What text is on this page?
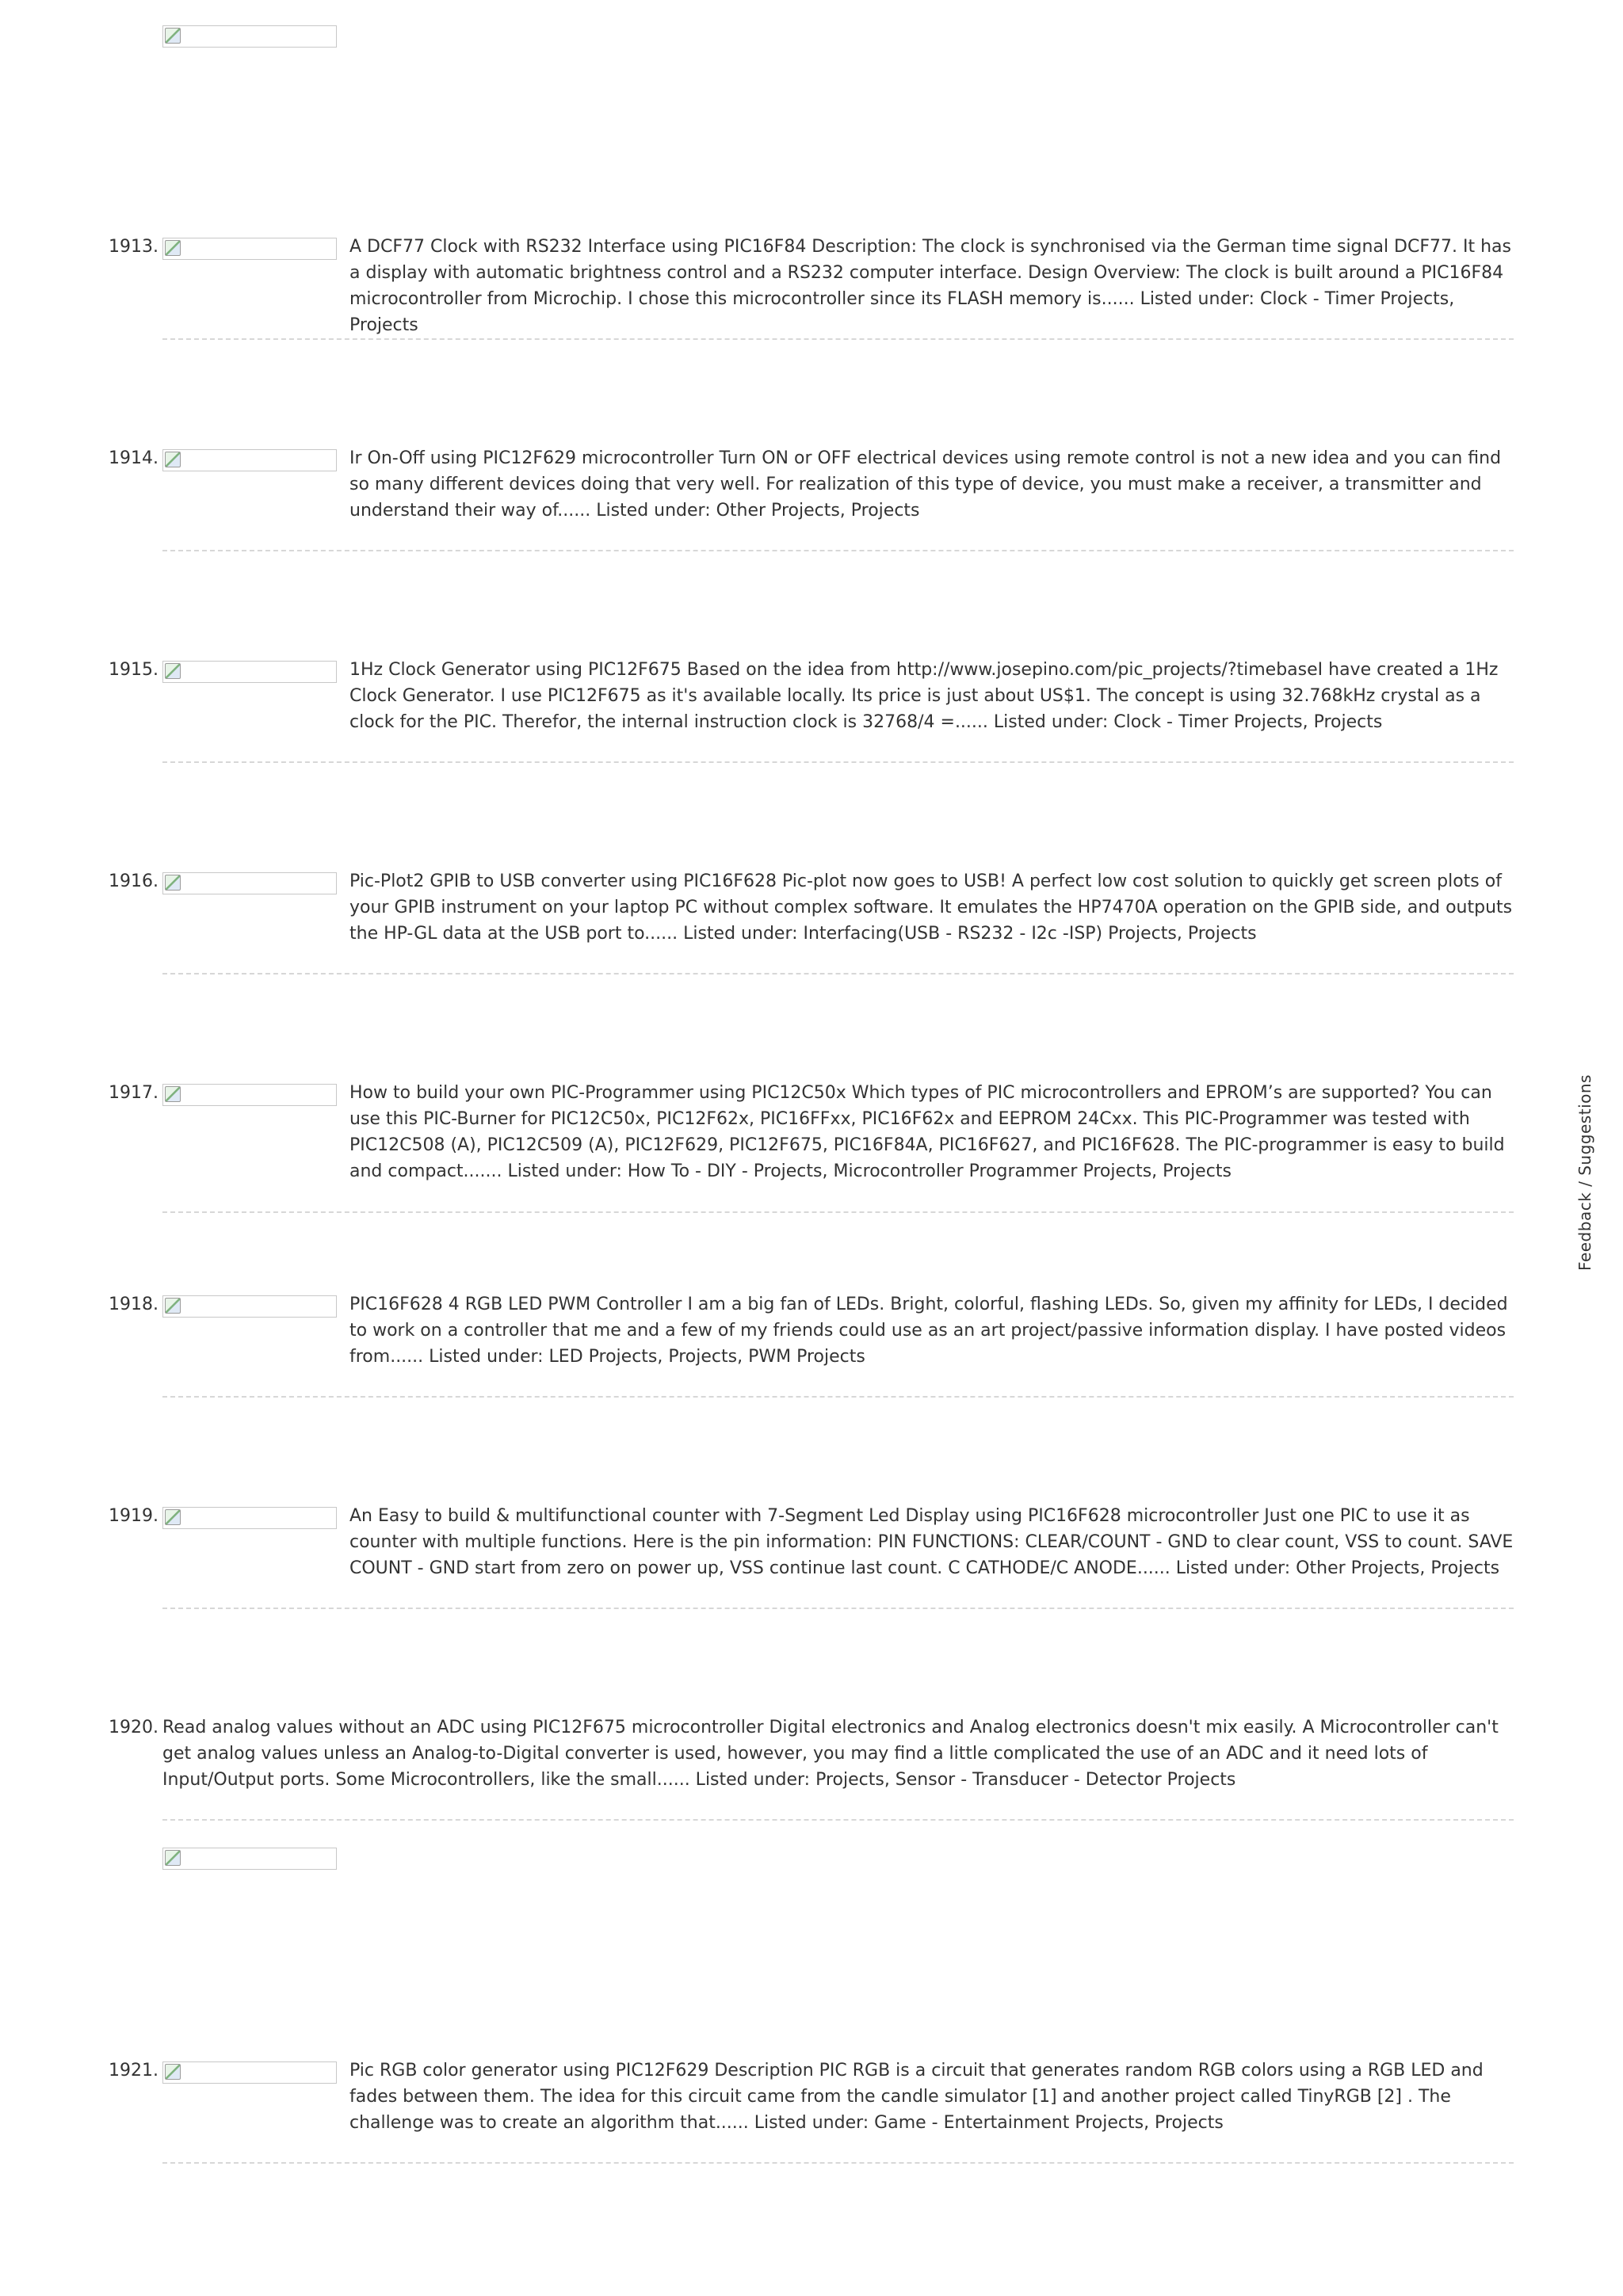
1913.	A DCF77 Clock with RS232 Interface using PIC16F84 Description: The clock is synchronised via the German time signal DCF77. It has a display with automatic brightness control and a RS232 computer interface. Design Overview: The clock is built around a PIC16F84 microcontroller from Microchip. I chose this microcontroller since its FLASH memory is...... Listed under: Clock - Timer Projects, Projects
1914.	Ir On-Off using PIC12F629 microcontroller Turn ON or OFF electrical devices using remote control is not a new idea and you can find so many different devices doing that very well. For realization of this type of device, you must make a receiver, a transmitter and understand their way of...... Listed under: Other Projects, Projects
1915.	1Hz Clock Generator using PIC12F675 Based on the idea from http://www.josepino.com/pic_projects/?timebaseI have created a 1Hz Clock Generator. I use PIC12F675 as it's available locally. Its price is just about US$1. The concept is using 32.768kHz crystal as a clock for the PIC. Therefor, the internal instruction clock is 32768/4 =...... Listed under: Clock - Timer Projects, Projects
1916.	Pic-Plot2 GPIB to USB converter using PIC16F628 Pic-plot now goes to USB! A perfect low cost solution to quickly get screen plots of your GPIB instrument on your laptop PC without complex software. It emulates the HP7470A operation on the GPIB side, and outputs the HP-GL data at the USB port to...... Listed under: Interfacing(USB - RS232 - I2c -ISP) Projects, Projects
1917.	How to build your own PIC-Programmer using PIC12C50x Which types of PIC microcontrollers and EPROM’s are supported? You can use this PIC-Burner for PIC12C50x, PIC12F62x, PIC16FFxx, PIC16F62x and EEPROM 24Cxx. This PIC-Programmer was tested with PIC12C508 (A), PIC12C509 (A), PIC12F629, PIC12F675, PIC16F84A, PIC16F627, and PIC16F628. The PIC-programmer is easy to build and compact....... Listed under: How To - DIY - Projects, Microcontroller Programmer Projects, Projects
1918.	PIC16F628 4 RGB LED PWM Controller I am a big fan of LEDs. Bright, colorful, flashing LEDs. So, given my affinity for LEDs, I decided to work on a controller that me and a few of my friends could use as an art project/passive information display. I have posted videos from...... Listed under: LED Projects, Projects, PWM Projects
1919.	An Easy to build & multifunctional counter with 7-Segment Led Display using PIC16F628 microcontroller Just one PIC to use it as counter with multiple functions. Here is the pin information: PIN FUNCTIONS: CLEAR/COUNT - GND to clear count, VSS to count. SAVE COUNT - GND start from zero on power up, VSS continue last count. C CATHODE/C ANODE...... Listed under: Other Projects, Projects
1920. Read analog values without an ADC using PIC12F675 microcontroller Digital electronics and Analog electronics doesn't mix easily. A Microcontroller can't get analog values unless an Analog-to-Digital converter is used, however, you may find a little complicated the use of an ADC and it need lots of Input/Output ports. Some Microcontrollers, like the small...... Listed under: Projects, Sensor - Transducer - Detector Projects
1921.	Pic RGB color generator using PIC12F629 Description PIC RGB is a circuit that generates random RGB colors using a RGB LED and fades between them. The idea for this circuit came from the candle simulator [1] and another project called TinyRGB [2] . The challenge was to create an algorithm that...... Listed under: Game - Entertainment Projects, Projects
Feedback / Suggestions
